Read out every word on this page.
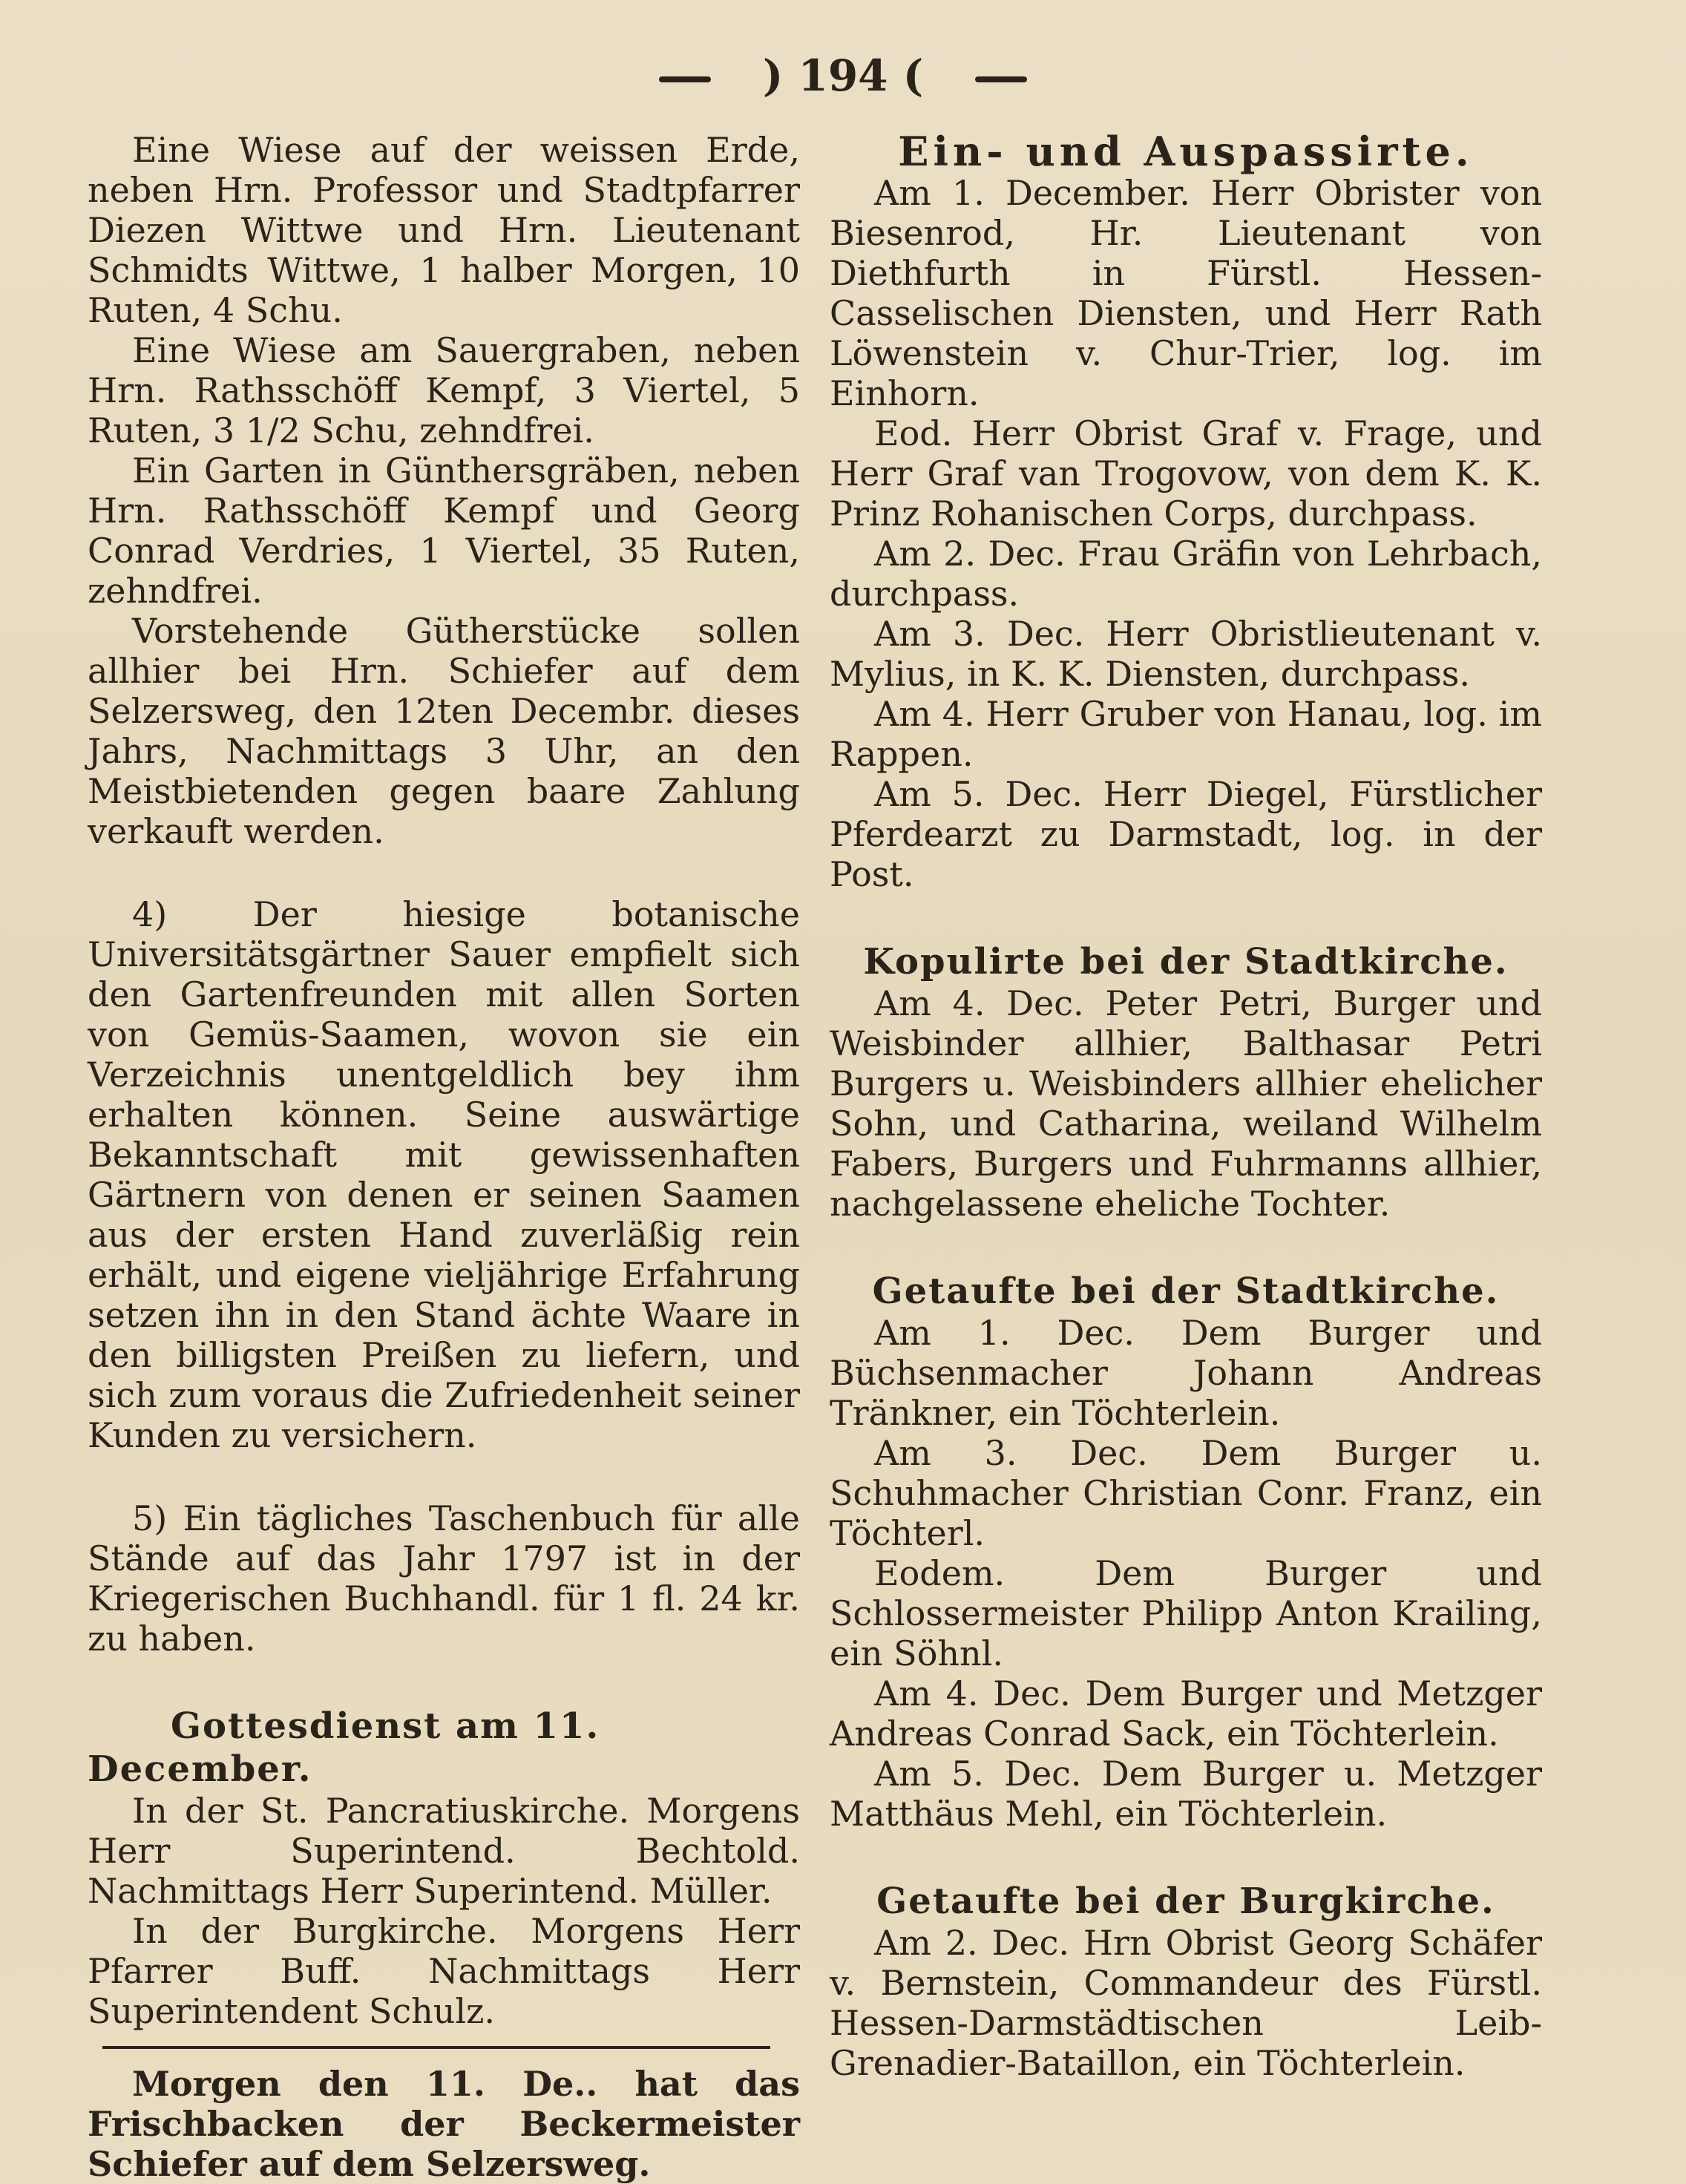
) 194 (

Eine Wiese auf der weissen Erde, neben Hrn. Professor und Stadtpfarrer Diezen Wittwe und Hrn. Lieutenant Schmidts Wittwe, 1 halber Morgen, 10 Ruten, 4 Schu.

Eine Wiese am Sauergraben, neben Hrn. Rathsschöff Kempf, 3 Viertel, 5 Ruten, 3 1/2 Schu, zehndfrei.

Ein Garten in Günthersgräben, neben Hrn. Rathsschöff Kempf und Georg Conrad Verdries, 1 Viertel, 35 Ruten, zehndfrei.

Vorstehende Gütherstücke sollen allhier bei Hrn. Schiefer auf dem Selzersweg, den 12ten Decembr. dieses Jahrs, Nachmittags 3 Uhr, an den Meistbietenden gegen baare Zahlung verkauft werden.

4) Der hiesige botanische Universitätsgärtner Sauer empfielt sich den Gartenfreunden mit allen Sorten von Gemüs-Saamen, wovon sie ein Verzeichnis unentgeldlich bey ihm erhalten können. Seine auswärtige Bekanntschaft mit gewissenhaften Gärtnern von denen er seinen Saamen aus der ersten Hand zuverläßig rein erhält, und eigene vieljährige Erfahrung setzen ihn in den Stand ächte Waare in den billigsten Preißen zu liefern, und sich zum voraus die Zufriedenheit seiner Kunden zu versichern.

5) Ein tägliches Taschenbuch für alle Stände auf das Jahr 1797 ist in der Kriegerischen Buchhandl. für 1 fl. 24 kr. zu haben.

Gottesdienst am 11. December.

In der St. Pancratiuskirche. Morgens Herr Superintend. Bechtold. Nachmittags Herr Superintend. Müller.

In der Burgkirche. Morgens Herr Pfarrer Buff. Nachmittags Herr Superintendent Schulz.

Morgen den 11. De.. hat das Frischbacken der Beckermeister Schiefer auf dem Selzersweg.

Ein- und Auspassirte.

Am 1. December. Herr Obrister von Biesenrod, Hr. Lieutenant von Diethfurth in Fürstl. Hessen-Casselischen Diensten, und Herr Rath Löwenstein v. Chur-Trier, log. im Einhorn.

Eod. Herr Obrist Graf v. Frage, und Herr Graf van Trogovow, von dem K. K. Prinz Rohanischen Corps, durchpass.

Am 2. Dec. Frau Gräfin von Lehrbach, durchpass.

Am 3. Dec. Herr Obristlieutenant v. Mylius, in K. K. Diensten, durchpass.

Am 4. Herr Gruber von Hanau, log. im Rappen.

Am 5. Dec. Herr Diegel, Fürstlicher Pferdearzt zu Darmstadt, log. in der Post.

Kopulirte bei der Stadtkirche.

Am 4. Dec. Peter Petri, Burger und Weisbinder allhier, Balthasar Petri Burgers u. Weisbinders allhier ehelicher Sohn, und Catharina, weiland Wilhelm Fabers, Burgers und Fuhrmanns allhier, nachgelassene eheliche Tochter.

Getaufte bei der Stadtkirche.

Am 1. Dec. Dem Burger und Büchsenmacher Johann Andreas Tränkner, ein Töchterlein.

Am 3. Dec. Dem Burger u. Schuhmacher Christian Conr. Franz, ein Töchterl.

Eodem. Dem Burger und Schlossermeister Philipp Anton Krailing, ein Söhnl.

Am 4. Dec. Dem Burger und Metzger Andreas Conrad Sack, ein Töchterlein.

Am 5. Dec. Dem Burger u. Metzger Matthäus Mehl, ein Töchterlein.

Getaufte bei der Burgkirche.

Am 2. Dec. Hrn Obrist Georg Schäfer v. Bernstein, Commandeur des Fürstl. Hessen-Darmstädtischen Leib-Grenadier-Bataillon, ein Töchterlein.
